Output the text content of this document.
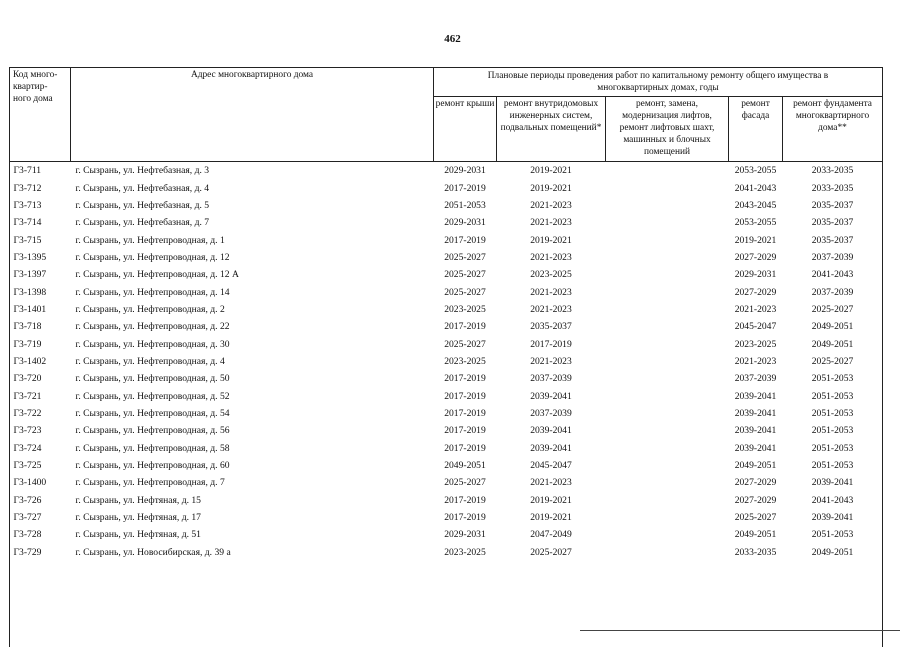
462
Код много-
квартир-
ного дома	Адрес многоквартирного дома	Плановые периоды проведения работ по капитальному ремонту общего имущества в многоквартирных домах, годы				
		ремонт крыши	ремонт внутридомовых инженерных систем, подвальных помещений*	ремонт, замена, модернизация лифтов, ремонт лифтовых шахт, машинных и блочных помещений	ремонт фасада	ремонт фундамента многоквартирного дома**
Г3-711	г. Сызрань, ул. Нефтебазная, д. 3	2029-2031	2019-2021		2053-2055	2033-2035
Г3-712	г. Сызрань, ул. Нефтебазная, д. 4	2017-2019	2019-2021		2041-2043	2033-2035
Г3-713	г. Сызрань, ул. Нефтебазная, д. 5	2051-2053	2021-2023		2043-2045	2035-2037
Г3-714	г. Сызрань, ул. Нефтебазная, д. 7	2029-2031	2021-2023		2053-2055	2035-2037
Г3-715	г. Сызрань, ул. Нефтепроводная, д. 1	2017-2019	2019-2021		2019-2021	2035-2037
Г3-1395	г. Сызрань, ул. Нефтепроводная, д. 12	2025-2027	2021-2023		2027-2029	2037-2039
Г3-1397	г. Сызрань, ул. Нефтепроводная, д. 12 А	2025-2027	2023-2025		2029-2031	2041-2043
Г3-1398	г. Сызрань, ул. Нефтепроводная, д. 14	2025-2027	2021-2023		2027-2029	2037-2039
Г3-1401	г. Сызрань, ул. Нефтепроводная, д. 2	2023-2025	2021-2023		2021-2023	2025-2027
Г3-718	г. Сызрань, ул. Нефтепроводная, д. 22	2017-2019	2035-2037		2045-2047	2049-2051
Г3-719	г. Сызрань, ул. Нефтепроводная, д. 30	2025-2027	2017-2019		2023-2025	2049-2051
Г3-1402	г. Сызрань, ул. Нефтепроводная, д. 4	2023-2025	2021-2023		2021-2023	2025-2027
Г3-720	г. Сызрань, ул. Нефтепроводная, д. 50	2017-2019	2037-2039		2037-2039	2051-2053
Г3-721	г. Сызрань, ул. Нефтепроводная, д. 52	2017-2019	2039-2041		2039-2041	2051-2053
Г3-722	г. Сызрань, ул. Нефтепроводная, д. 54	2017-2019	2037-2039		2039-2041	2051-2053
Г3-723	г. Сызрань, ул. Нефтепроводная, д. 56	2017-2019	2039-2041		2039-2041	2051-2053
Г3-724	г. Сызрань, ул. Нефтепроводная, д. 58	2017-2019	2039-2041		2039-2041	2051-2053
Г3-725	г. Сызрань, ул. Нефтепроводная, д. 60	2049-2051	2045-2047		2049-2051	2051-2053
Г3-1400	г. Сызрань, ул. Нефтепроводная, д. 7	2025-2027	2021-2023		2027-2029	2039-2041
Г3-726	г. Сызрань, ул. Нефтяная, д. 15	2017-2019	2019-2021		2027-2029	2041-2043
Г3-727	г. Сызрань, ул. Нефтяная, д. 17	2017-2019	2019-2021		2025-2027	2039-2041
Г3-728	г. Сызрань, ул. Нефтяная, д. 51	2029-2031	2047-2049		2049-2051	2051-2053
Г3-729	г. Сызрань, ул. Новосибирская, д. 39 а	2023-2025	2025-2027		2033-2035	2049-2051
